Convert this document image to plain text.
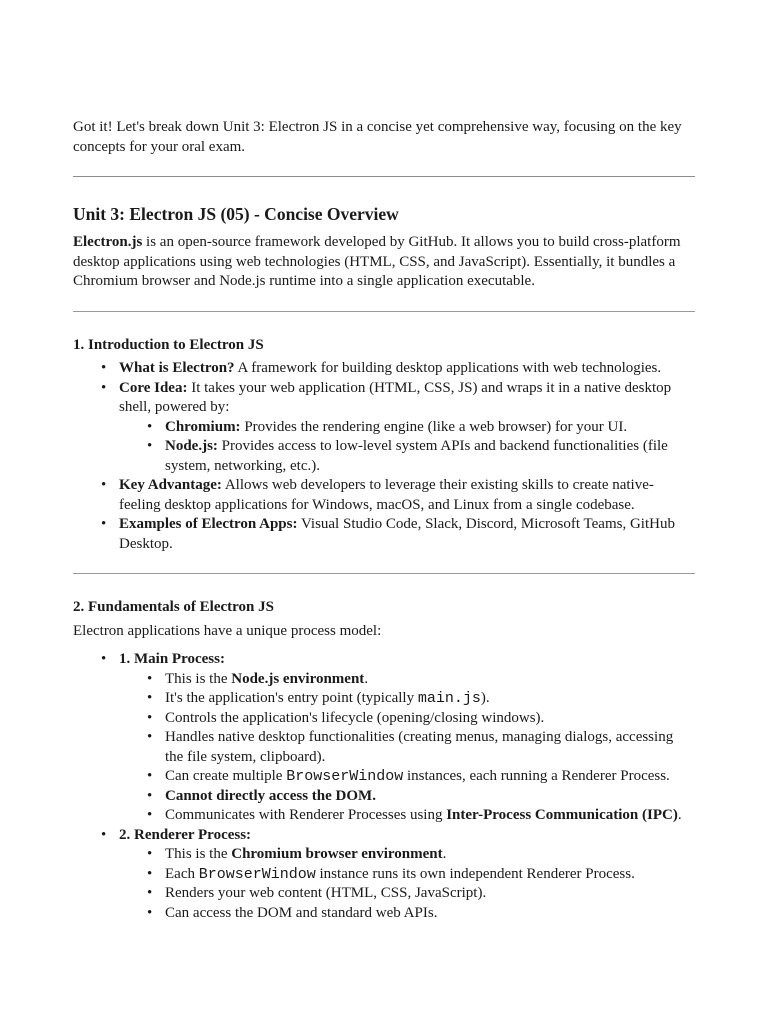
Got it! Let's break down Unit 3: Electron JS in a concise yet comprehensive way, focusing on the key concepts for your oral exam.

Unit 3: Electron JS (05) - Concise Overview

Electron.js is an open-source framework developed by GitHub. It allows you to build cross-platform desktop applications using web technologies (HTML, CSS, and JavaScript). Essentially, it bundles a Chromium browser and Node.js runtime into a single application executable.

1. Introduction to Electron JS
• What is Electron? A framework for building desktop applications with web technologies.
• Core Idea: It takes your web application (HTML, CSS, JS) and wraps it in a native desktop shell, powered by:
• Chromium: Provides the rendering engine (like a web browser) for your UI.
• Node.js: Provides access to low-level system APIs and backend functionalities (file system, networking, etc.).
• Key Advantage: Allows web developers to leverage their existing skills to create native-feeling desktop applications for Windows, macOS, and Linux from a single codebase.
• Examples of Electron Apps: Visual Studio Code, Slack, Discord, Microsoft Teams, GitHub Desktop.
2. Fundamentals of Electron JS

Electron applications have a unique process model:

• 1. Main Process:
• This is the Node.js environment.
• It's the application's entry point (typically main.js).
• Controls the application's lifecycle (opening/closing windows).
• Handles native desktop functionalities (creating menus, managing dialogs, accessing the file system, clipboard).
• Can create multiple BrowserWindow instances, each running a Renderer Process.
• Cannot directly access the DOM.
• Communicates with Renderer Processes using Inter-Process Communication (IPC).
• 2. Renderer Process:
• This is the Chromium browser environment.
• Each BrowserWindow instance runs its own independent Renderer Process.
• Renders your web content (HTML, CSS, JavaScript).
• Can access the DOM and standard web APIs.
